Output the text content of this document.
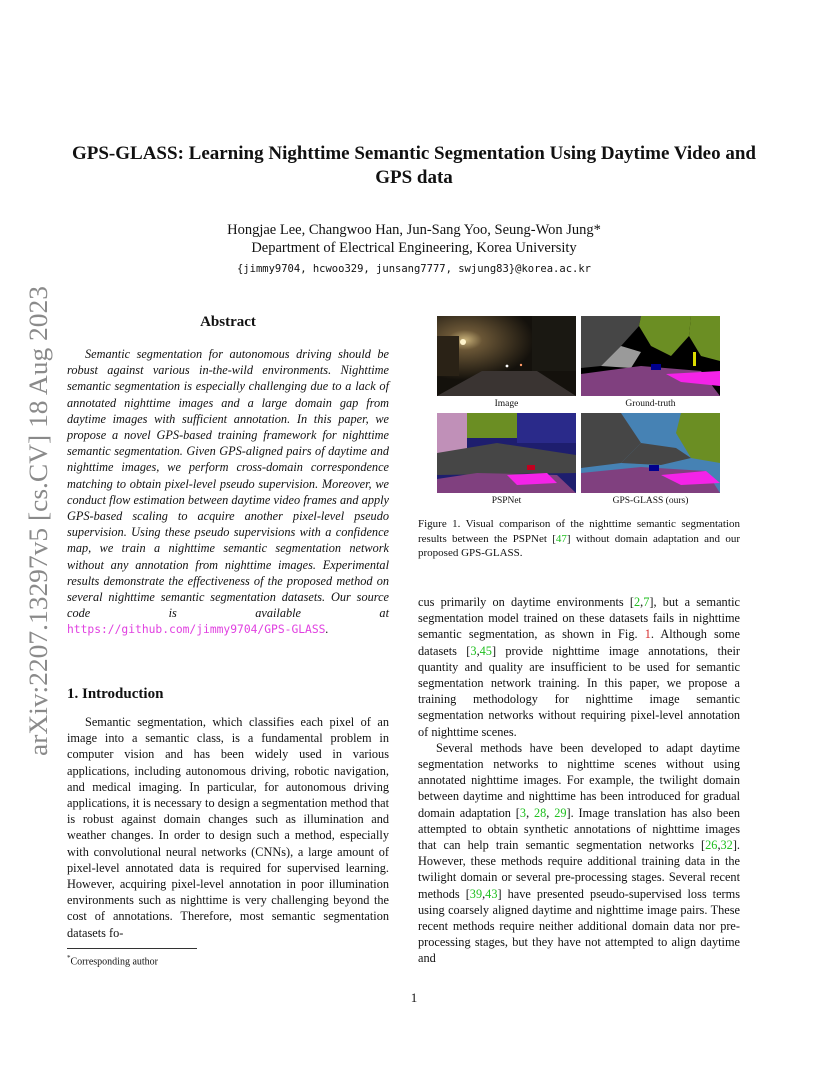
arXiv:2207.13297v5 [cs.CV] 18 Aug 2023
GPS-GLASS: Learning Nighttime Semantic Segmentation Using Daytime Video and GPS data
Hongjae Lee, Changwoo Han, Jun-Sang Yoo, Seung-Won Jung*
Department of Electrical Engineering, Korea University
{jimmy9704, hcwoo329, junsang7777, swjung83}@korea.ac.kr
Abstract
Semantic segmentation for autonomous driving should be robust against various in-the-wild environments. Nighttime semantic segmentation is especially challenging due to a lack of annotated nighttime images and a large domain gap from daytime images with sufficient annotation. In this paper, we propose a novel GPS-based training framework for nighttime semantic segmentation. Given GPS-aligned pairs of daytime and nighttime images, we perform cross-domain correspondence matching to obtain pixel-level pseudo supervision. Moreover, we conduct flow estimation between daytime video frames and apply GPS-based scaling to acquire another pixel-level pseudo supervision. Using these pseudo supervisions with a confidence map, we train a nighttime semantic segmentation network without any annotation from nighttime images. Experimental results demonstrate the effectiveness of the proposed method on several nighttime semantic segmentation datasets. Our source code is available at https://github.com/jimmy9704/GPS-GLASS.
1. Introduction
Semantic segmentation, which classifies each pixel of an image into a semantic class, is a fundamental problem in computer vision and has been widely used in various applications, including autonomous driving, robotic navigation, and medical imaging. In particular, for autonomous driving applications, it is necessary to design a segmentation method that is robust against domain changes such as illumination and weather changes. In order to design such a method, especially with convolutional neural networks (CNNs), a large amount of pixel-level annotated data is required for supervised learning. However, acquiring pixel-level annotation in poor illumination environments such as nighttime is very challenging beyond the cost of annotations. Therefore, most semantic segmentation datasets fo-
*Corresponding author
Image	Ground-truth
PSPNet	GPS-GLASS (ours)
Figure 1. Visual comparison of the nighttime semantic segmentation results between the PSPNet [47] without domain adaptation and our proposed GPS-GLASS.

cus primarily on daytime environments [2,7], but a semantic segmentation model trained on these datasets fails in nighttime semantic segmentation, as shown in Fig. 1. Although some datasets [3,45] provide nighttime image annotations, their quantity and quality are insufficient to be used for semantic segmentation network training. In this paper, we propose a training methodology for nighttime image semantic segmentation networks without requiring pixel-level annotation of nighttime scenes.

Several methods have been developed to adapt daytime segmentation networks to nighttime scenes without using annotated nighttime images. For example, the twilight domain between daytime and nighttime has been introduced for gradual domain adaptation [3, 28, 29]. Image translation has also been attempted to obtain synthetic annotations of nighttime images that can help train semantic segmentation networks [26,32]. However, these methods require additional training data in the twilight domain or several pre-processing stages. Several recent methods [39,43] have presented pseudo-supervised loss terms using coarsely aligned daytime and nighttime image pairs. These recent methods require neither additional domain data nor pre-processing stages, but they have not attempted to align daytime and

1
